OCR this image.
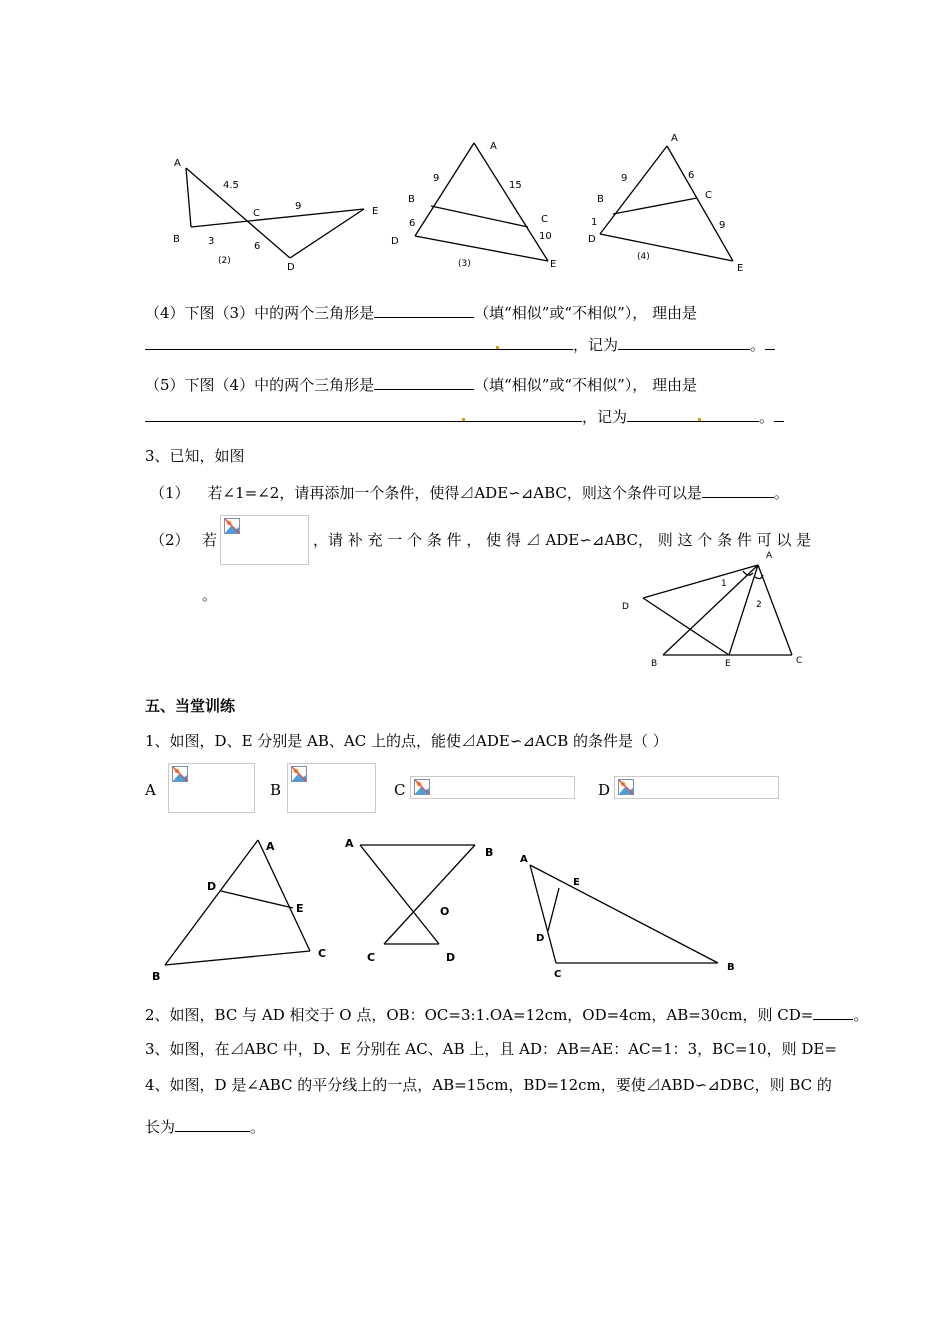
A
B
C
D
E
4.5
9
3	6
(2)
A
B
C
D
E
9
15
6
10
(3)
A
B	C
D
E
9	6
1	9
(4)
（4）下图（3）中的两个三角形是	（填“相似”或“不相似”）， 理由是
，记为	。
（5）下图（4）中的两个三角形是	（填“相似”或“不相似”）， 理由是
，记为	。
3、已知，如图
（1） 若∠1=∠2，请再添加一个条件，使得⊿ADE∽⊿ABC，则这个条件可以是	。
（2） 若	，请 补 充 一 个 条 件 ， 使 得 ⊿ ADE∽⊿ABC， 则 这 个 条 件 可 以 是
。
A
B	C
D
E
1
2
五、当堂训练
1、如图，D、E 分别是 AB、AC 上的点，能使⊿ADE∽⊿ACB 的条件是（ ）
A	B	C	D
A
B
C
D
E
A
B
C	D
O
A
B
C
D
E
2、如图，BC 与 AD 相交于 O 点，OB：OC=3:1.OA=12cm，OD=4cm，AB=30cm，则 CD=	。
3、如图，在⊿ABC 中，D、E 分别在 AC、AB 上，且 AD：AB=AE：AC=1：3，BC=10，则 DE=
4、如图，D 是∠ABC 的平分线上的一点，AB=15cm，BD=12cm，要使⊿ABD∽⊿DBC，则 BC 的
长为	。
